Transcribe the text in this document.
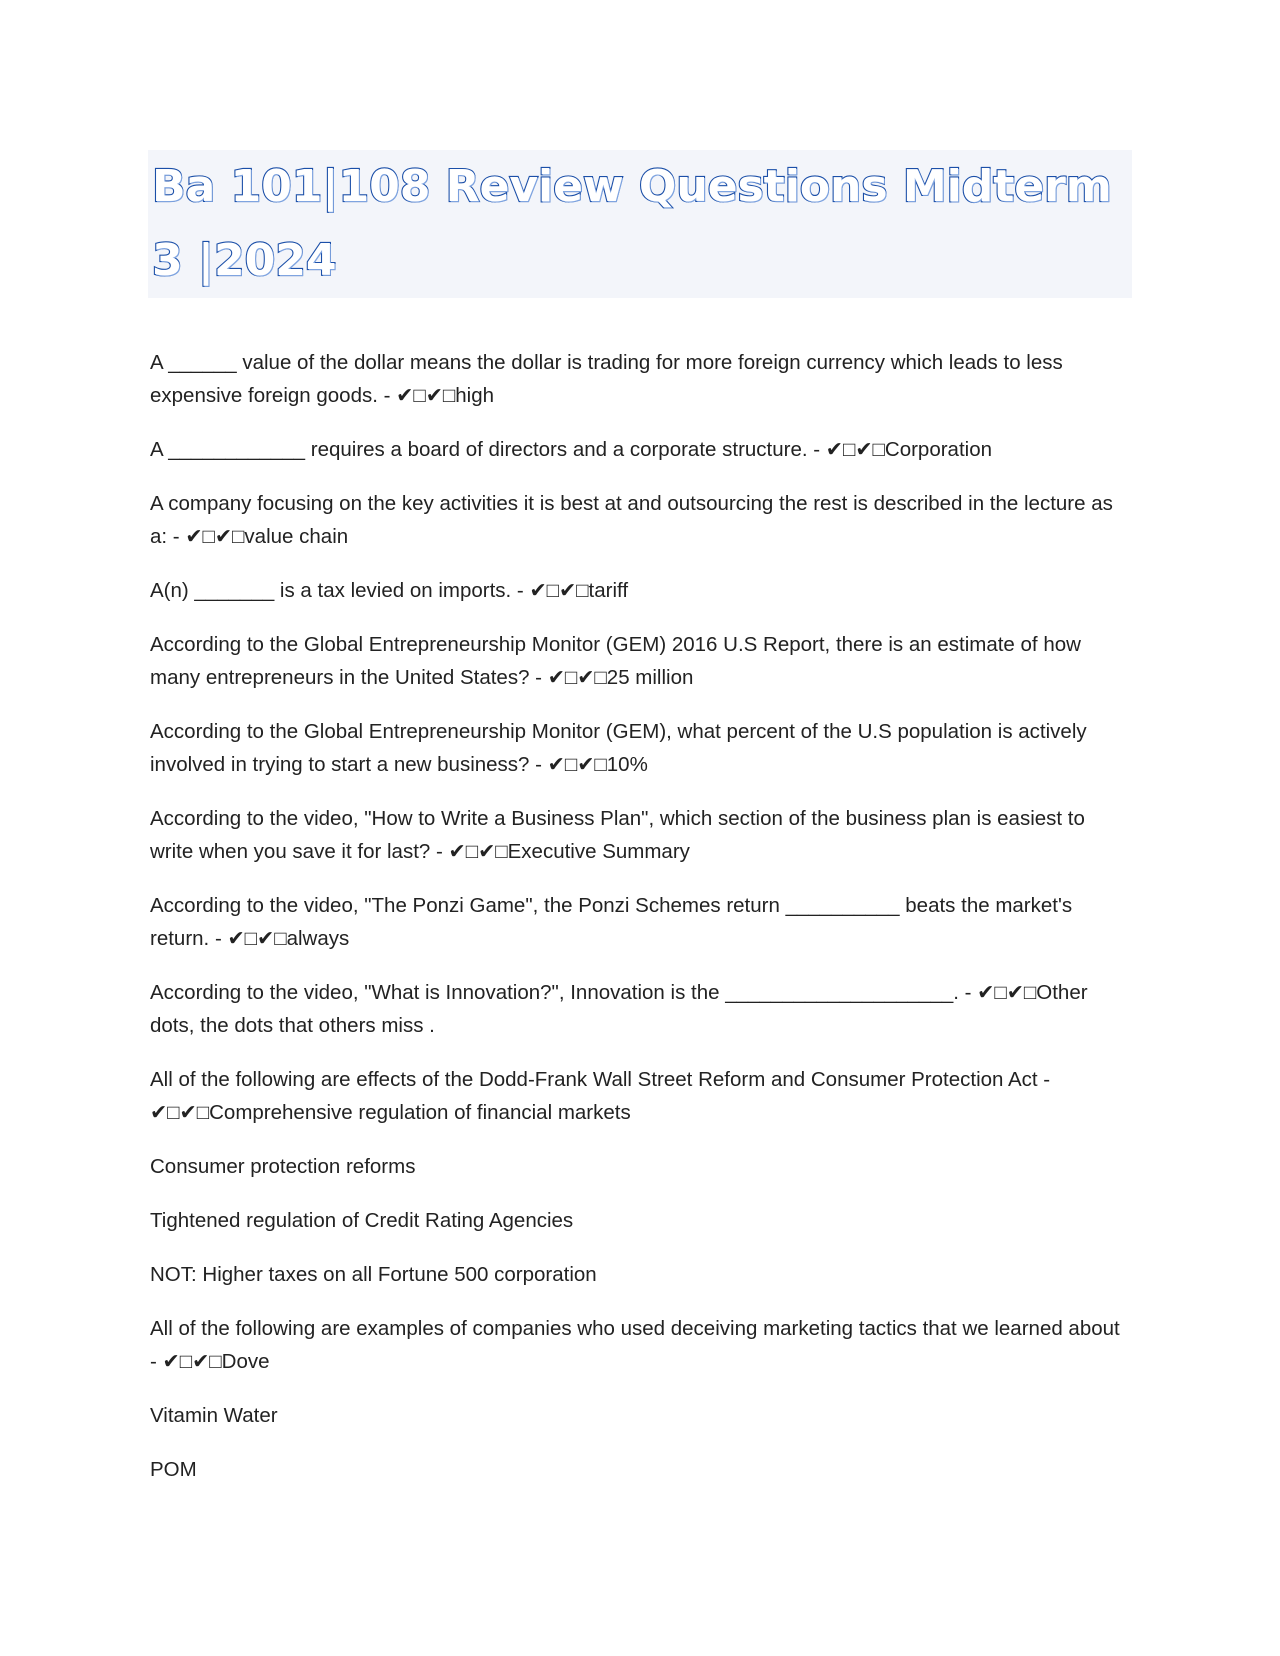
Ba 101|108 Review Questions Midterm 3 |2024

A ______ value of the dollar means the dollar is trading for more foreign currency which leads to less expensive foreign goods. - ✔□✔□high

A ____________ requires a board of directors and a corporate structure. - ✔□✔□Corporation

A company focusing on the key activities it is best at and outsourcing the rest is described in the lecture as a: - ✔□✔□value chain

A(n) _______ is a tax levied on imports. - ✔□✔□tariff

According to the Global Entrepreneurship Monitor (GEM) 2016 U.S Report, there is an estimate of how many entrepreneurs in the United States? - ✔□✔□25 million

According to the Global Entrepreneurship Monitor (GEM), what percent of the U.S population is actively involved in trying to start a new business? - ✔□✔□10%

According to the video, "How to Write a Business Plan", which section of the business plan is easiest to write when you save it for last? - ✔□✔□Executive Summary

According to the video, "The Ponzi Game", the Ponzi Schemes return __________ beats the market's return. - ✔□✔□always

According to the video, "What is Innovation?", Innovation is the ____________________. - ✔□✔□Other dots, the dots that others miss .

All of the following are effects of the Dodd-Frank Wall Street Reform and Consumer Protection Act - ✔□✔□Comprehensive regulation of financial markets

Consumer protection reforms

Tightened regulation of Credit Rating Agencies

NOT: Higher taxes on all Fortune 500 corporation

All of the following are examples of companies who used deceiving marketing tactics that we learned about - ✔□✔□Dove

Vitamin Water

POM
